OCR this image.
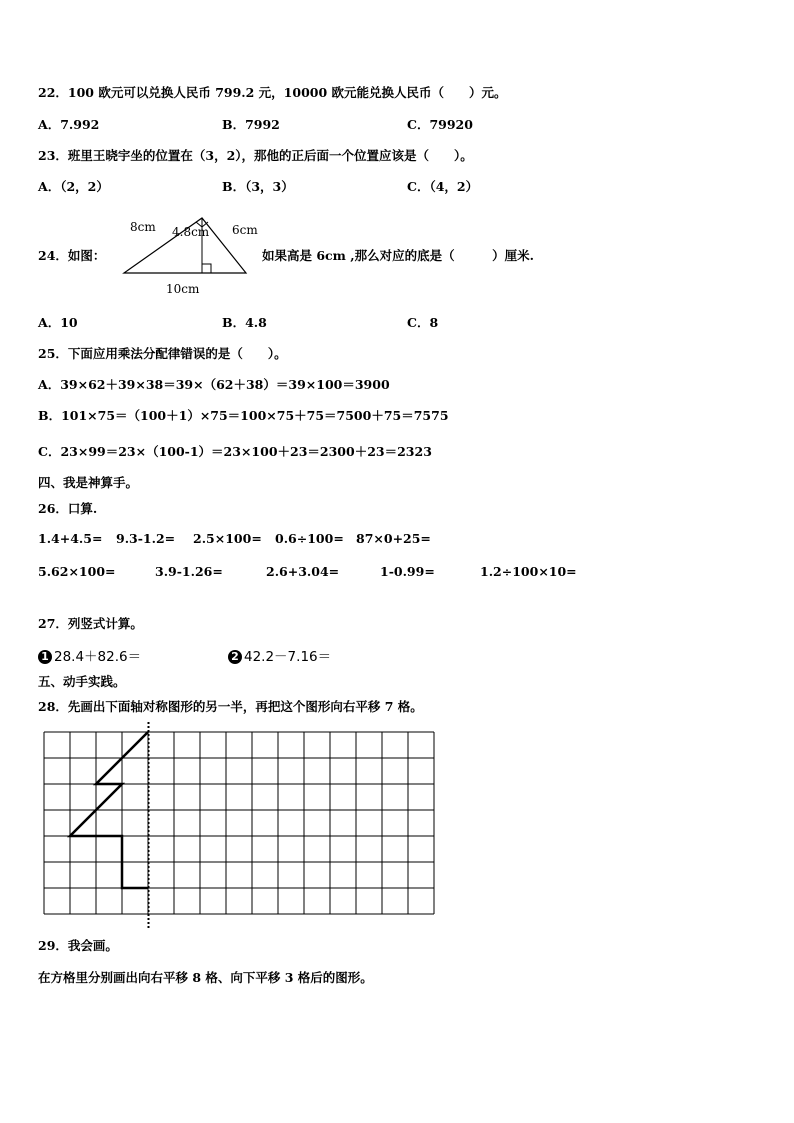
22．100 欧元可以兑换人民币 799.2 元，10000 欧元能兑换人民币（　　）元。
A．7.992	B．7992	C．79920
23．班里王晓宇坐的位置在（3，2），那他的正后面一个位置应该是（　　）。
A．（2，2）	B．（3，3）	C．（4，2）
24．如图：
8cm 4.8cm 6cm
10cm
如果高是 6cm ,那么对应的底是（　　　）厘米.
A．10	B．4.8	C．8
25．下面应用乘法分配律错误的是（　　）。
A．39×62＋39×38＝39×（62＋38）＝39×100＝3900
B．101×75＝（100＋1）×75＝100×75＋75＝7500＋75＝7575
C．23×99＝23×（100-1）＝23×100＋23＝2300＋23＝2323
四、我是神算手。
26．口算.
1.4+4.5= 9.3-1.2= 2.5×100= 0.6÷100= 87×0+25=
5.62×100=	3.9-1.26=	2.6+3.04=	1-0.99=	1.2÷100×10=
27．列竖式计算。
1 28.4＋82.6＝	2 42.2－7.16＝
五、动手实践。
28．先画出下面轴对称图形的另一半，再把这个图形向右平移 7 格。
29．我会画。
在方格里分别画出向右平移 8 格、向下平移 3 格后的图形。
